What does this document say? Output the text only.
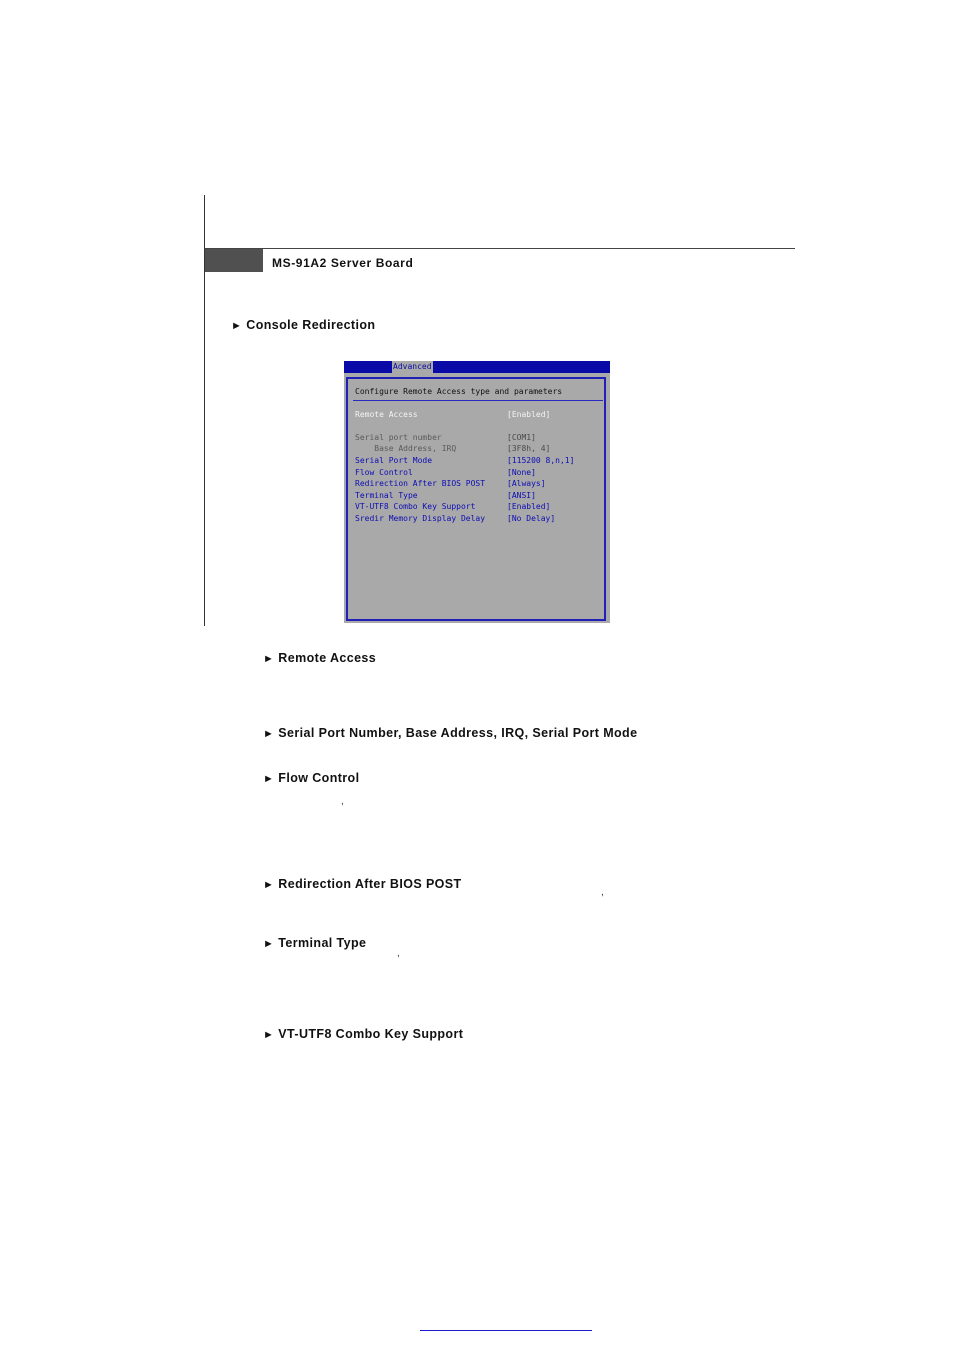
MS-91A2 Server Board
► Console Redirection
Advanced
Configure Remote Access type and parameters
Remote Access	[Enabled]
Serial port number	[COM1]
Base Address, IRQ	[3F8h, 4]
Serial Port Mode	[115200 8,n,1]
Flow Control	[None]
Redirection After BIOS POST	[Always]
Terminal Type	[ANSI]
VT-UTF8 Combo Key Support	[Enabled]
Sredir Memory Display Delay	[No Delay]
► Remote Access
► Serial Port Number, Base Address, IRQ, Serial Port Mode
► Flow Control
,
► Redirection After BIOS POST
,
► Terminal Type
,
► VT-UTF8 Combo Key Support
